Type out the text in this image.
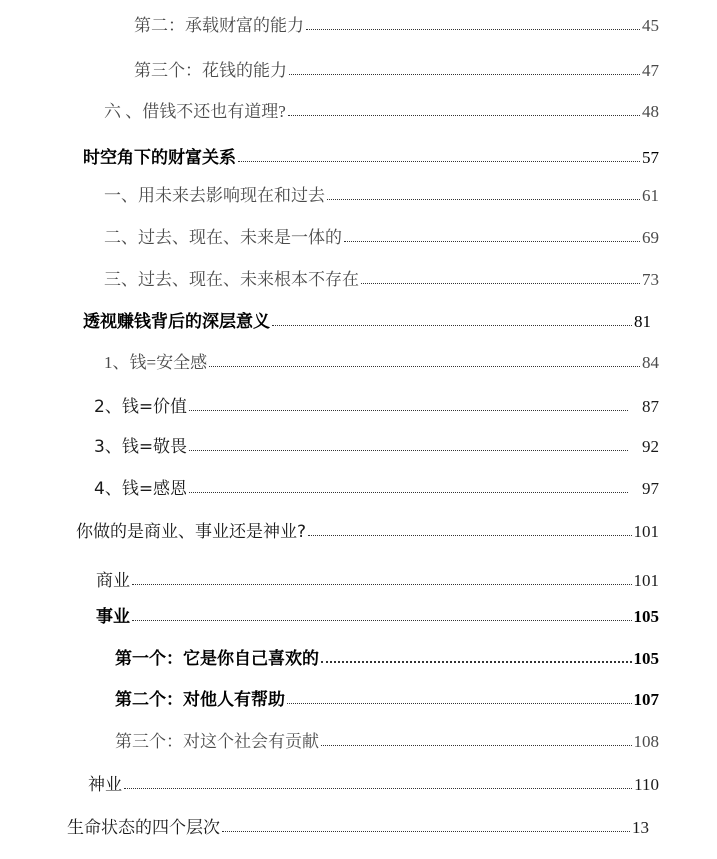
第二：承载财富的能力	45
第三个：花钱的能力	47
六 、借钱不还也有道理?	48
时空角下的财富关系	57
一、用未来去影响现在和过去	61
二、过去、现在、未来是一体的	69
三、过去、现在、未来根本不存在	73
透视赚钱背后的深层意义	81
1、钱=安全感	84
2、钱=价值	87
3、钱=敬畏	92
4、钱=感恩	97
你做的是商业、事业还是神业?	101
商业	101
事业	105
第一个：它是你自己喜欢的	105
第二个：对他人有帮助	107
第三个：对这个社会有贡献	108
神业	110
生命状态的四个层次	13
